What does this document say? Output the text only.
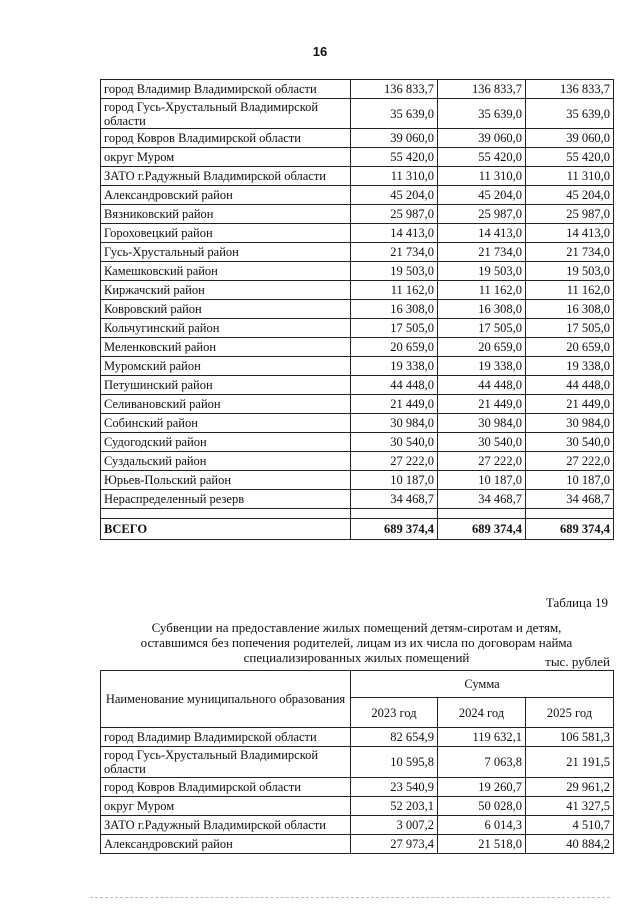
16
город Владимир Владимирской области	136 833,7	136 833,7	136 833,7
город Гусь-Хрустальный Владимирской области	35 639,0	35 639,0	35 639,0
город Ковров Владимирской области	39 060,0	39 060,0	39 060,0
округ Муром	55 420,0	55 420,0	55 420,0
ЗАТО г.Радужный Владимирской области	11 310,0	11 310,0	11 310,0
Александровский район	45 204,0	45 204,0	45 204,0
Вязниковский район	25 987,0	25 987,0	25 987,0
Гороховецкий район	14 413,0	14 413,0	14 413,0
Гусь-Хрустальный район	21 734,0	21 734,0	21 734,0
Камешковский район	19 503,0	19 503,0	19 503,0
Киржачский район	11 162,0	11 162,0	11 162,0
Ковровский район	16 308,0	16 308,0	16 308,0
Кольчугинский район	17 505,0	17 505,0	17 505,0
Меленковский район	20 659,0	20 659,0	20 659,0
Муромский район	19 338,0	19 338,0	19 338,0
Петушинский район	44 448,0	44 448,0	44 448,0
Селивановский район	21 449,0	21 449,0	21 449,0
Собинский район	30 984,0	30 984,0	30 984,0
Судогодский район	30 540,0	30 540,0	30 540,0
Суздальский район	27 222,0	27 222,0	27 222,0
Юрьев-Польский район	10 187,0	10 187,0	10 187,0
Нераспределенный резерв	34 468,7	34 468,7	34 468,7

ВСЕГО	689 374,4	689 374,4	689 374,4
Таблица 19
Субвенции на предоставление жилых помещений детям-сиротам и детям,
оставшимся без попечения родителей, лицам из их числа по договорам найма
специализированных жилых помещений	тыс. рублей
Наименование муниципального образования	Сумма		
	2023 год	2024 год	2025 год
город Владимир Владимирской области	82 654,9	119 632,1	106 581,3
город Гусь-Хрустальный Владимирской области	10 595,8	7 063,8	21 191,5
город Ковров Владимирской области	23 540,9	19 260,7	29 961,2
округ Муром	52 203,1	50 028,0	41 327,5
ЗАТО г.Радужный Владимирской области	3 007,2	6 014,3	4 510,7
Александровский район	27 973,4	21 518,0	40 884,2
